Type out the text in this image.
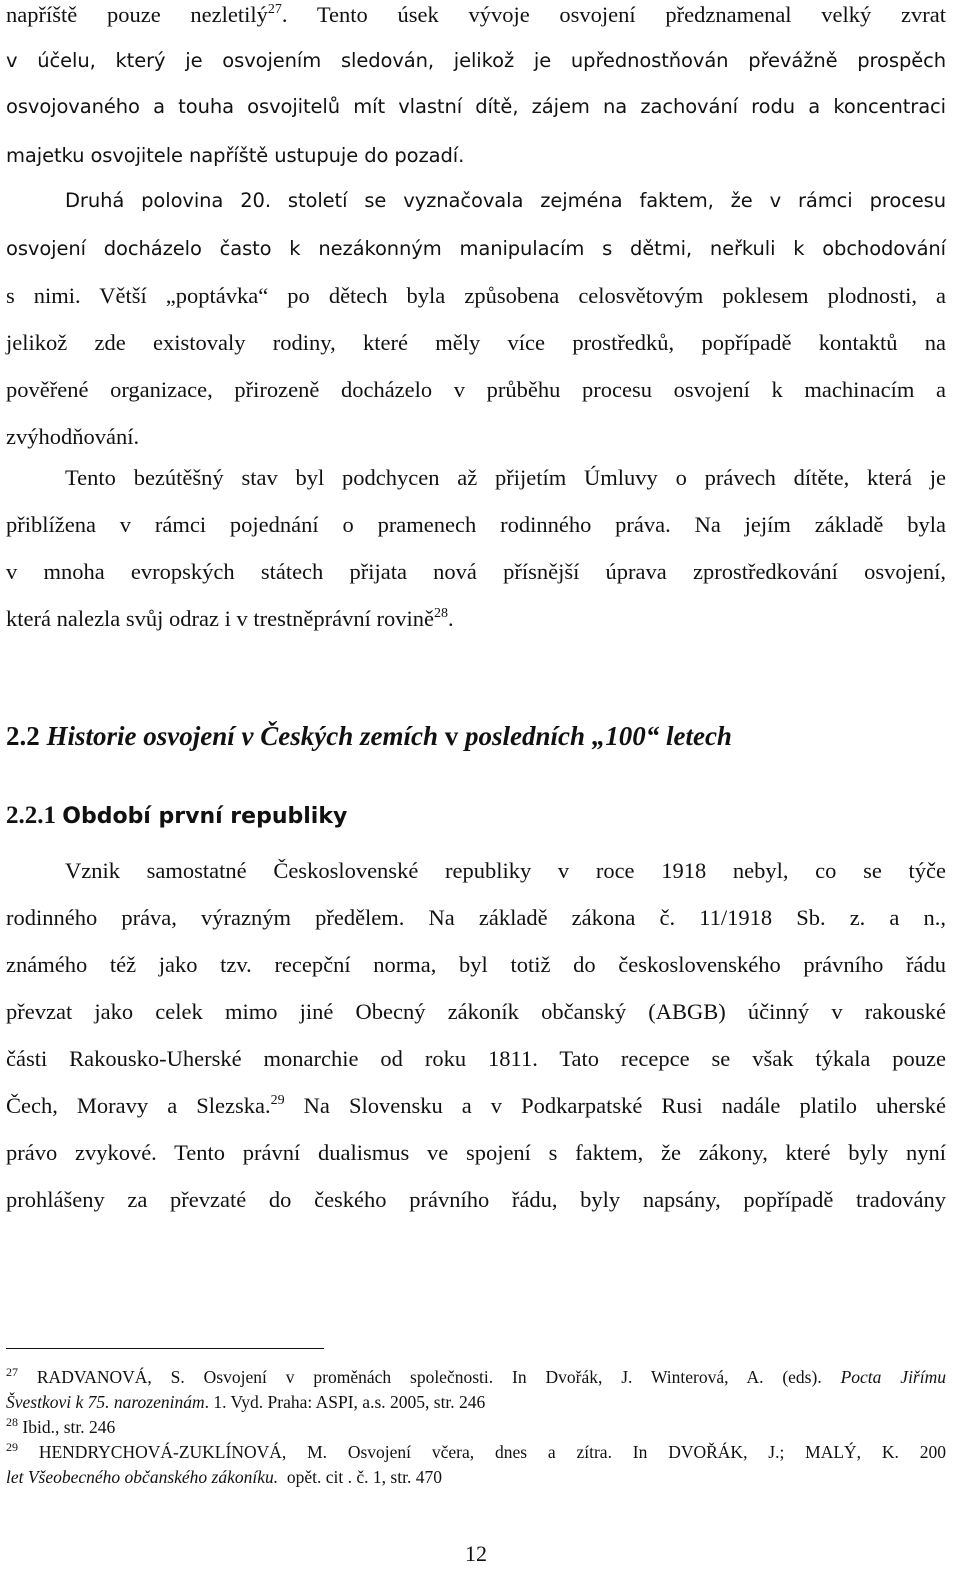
napříště pouze nezletilý$^{27}$. Tento úsek vývoje osvojení předznamenal velký zvrat
v účelu, který je osvojením sledován, jelikož je upřednostňován převážně prospěch
osvojovaného a touha osvojitelů mít vlastní dítě, zájem na zachování rodu a koncentraci
majetku osvojitele napříště ustupuje do pozadí.
Druhá polovina 20. století se vyznačovala zejména faktem, že v rámci procesu
osvojení docházelo často k nezákonným manipulacím s dětmi, neřkuli k obchodování
s nimi. Větší „poptávka“ po dětech byla způsobena celosvětovým poklesem plodnosti, a
jelikož zde existovaly rodiny, které měly více prostředků, popřípadě kontaktů na
pověřené organizace, přirozeně docházelo v průběhu procesu osvojení k machinacím a
zvýhodňování.
Tento bezútěšný stav byl podchycen až přijetím Úmluvy o právech dítěte, která je
přiblížena v rámci pojednání o pramenech rodinného práva. Na jejím základě byla
v mnoha evropských státech přijata nová přísnější úprava zprostředkování osvojení,
která nalezla svůj odraz i v trestněprávní rovině$^{28}$.
2.2 Historie osvojení v Českých zemích v posledních „100“ letech
2.2.1 Období první republiky
Vznik samostatné Československé republiky v roce 1918 nebyl, co se týče
rodinného práva, výrazným předělem. Na základě zákona č. 11/1918 Sb. z. a n.,
známého též jako tzv. recepční norma, byl totiž do československého právního řádu
převzat jako celek mimo jiné Obecný zákoník občanský (ABGB) účinný v rakouské
části Rakousko-Uherské monarchie od roku 1811. Tato recepce se však týkala pouze
Čech, Moravy a Slezska.$^{29}$ Na Slovensku a v Podkarpatské Rusi nadále platilo uherské
právo zvykové. Tento právní dualismus ve spojení s faktem, že zákony, které byly nyní
prohlášeny za převzaté do českého právního řádu, byly napsány, popřípadě tradovány
$^{27}$ RADVANOVÁ, S. Osvojení v proměnách společnosti. In Dvořák, J. Winterová, A. (eds). Pocta Jiřímu
Švestkovi k 75. narozeninám. 1. Vyd. Praha: ASPI, a.s. 2005, str. 246
$^{28}$ Ibid., str. 246
$^{29}$ HENDRYCHOVÁ-ZUKLÍNOVÁ, M. Osvojení včera, dnes a zítra. In DVOŘÁK, J.; MALÝ, K. 200
let Všeobecného občanského zákoníku.  opět. cit . č. 1, str. 470
12
